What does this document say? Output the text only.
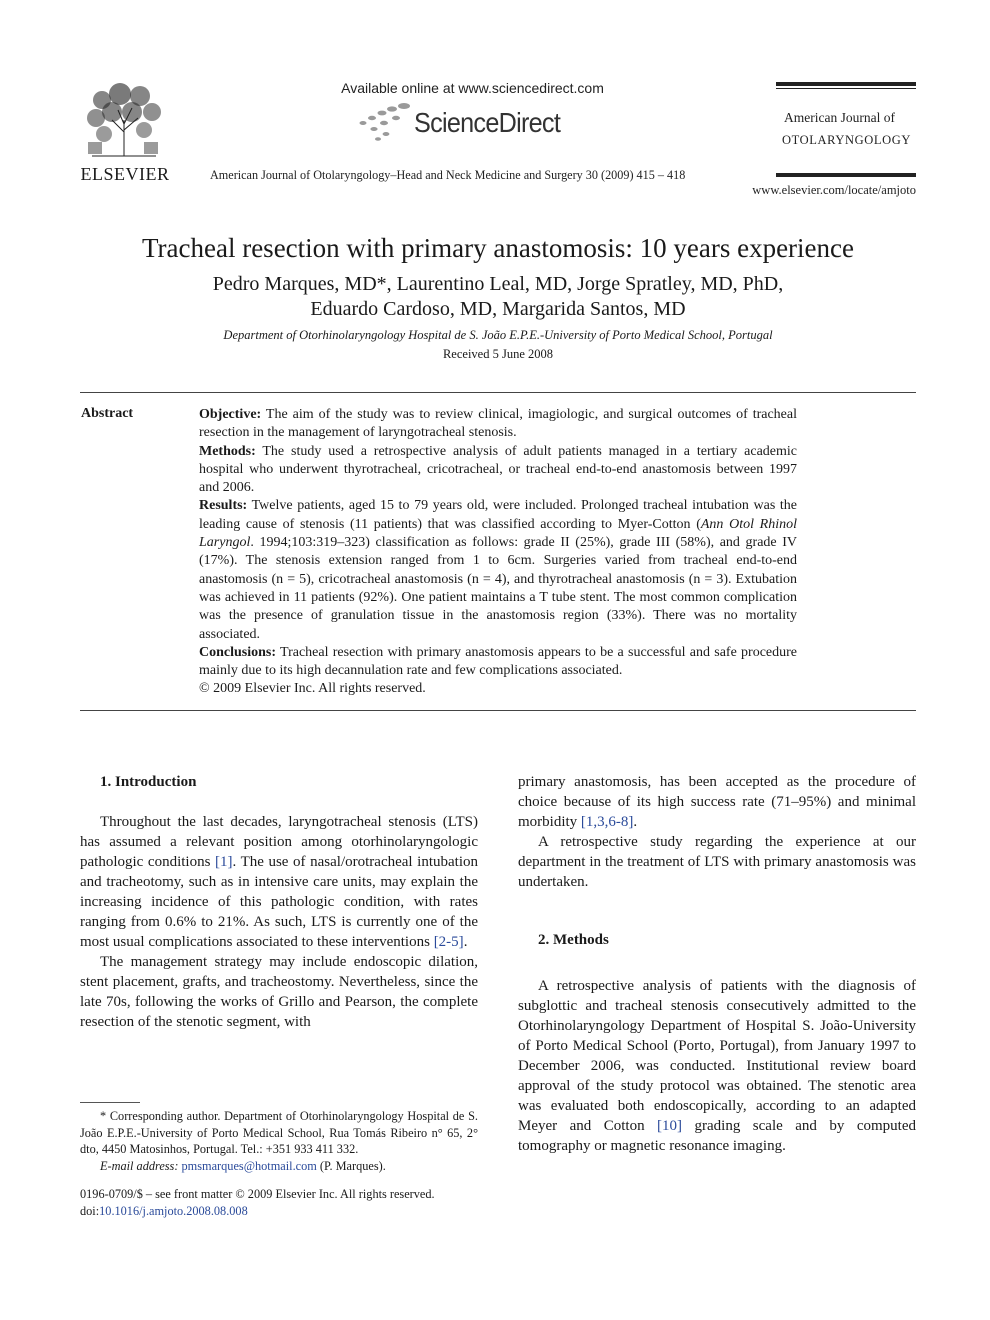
ELSEVIER
Available online at www.sciencedirect.com
ScienceDirect
American Journal of Otolaryngology–Head and Neck Medicine and Surgery 30 (2009) 415 – 418
American Journal of
OTOLARYNGOLOGY
www.elsevier.com/locate/amjoto
Tracheal resection with primary anastomosis: 10 years experience
Pedro Marques, MD*, Laurentino Leal, MD, Jorge Spratley, MD, PhD,
Eduardo Cardoso, MD, Margarida Santos, MD
Department of Otorhinolaryngology Hospital de S. João E.P.E.-University of Porto Medical School, Portugal
Received 5 June 2008
Abstract	Objective: The aim of the study was to review clinical, imagiologic, and surgical outcomes of tracheal resection in the management of laryngotracheal stenosis.

Methods: The study used a retrospective analysis of adult patients managed in a tertiary academic hospital who underwent thyrotracheal, cricotracheal, or tracheal end-to-end anastomosis between 1997 and 2006.

Results: Twelve patients, aged 15 to 79 years old, were included. Prolonged tracheal intubation was the leading cause of stenosis (11 patients) that was classified according to Myer-Cotton (Ann Otol Rhinol Laryngol. 1994;103:319–323) classification as follows: grade II (25%), grade III (58%), and grade IV (17%). The stenosis extension ranged from 1 to 6cm. Surgeries varied from tracheal end-to-end anastomosis (n = 5), cricotracheal anastomosis (n = 4), and thyrotracheal anastomosis (n = 3). Extubation was achieved in 11 patients (92%). One patient maintains a T tube stent. The most common complication was the presence of granulation tissue in the anastomosis region (33%). There was no mortality associated.

Conclusions: Tracheal resection with primary anastomosis appears to be a successful and safe procedure mainly due to its high decannulation rate and few complications associated.

© 2009 Elsevier Inc. All rights reserved.

1. Introduction

Throughout the last decades, laryngotracheal stenosis (LTS) has assumed a relevant position among otorhinolaryngologic pathologic conditions [1]. The use of nasal/orotracheal intubation and tracheotomy, such as in intensive care units, may explain the increasing incidence of this pathologic condition, with rates ranging from 0.6% to 21%. As such, LTS is currently one of the most usual complications associated to these interventions [2-5].

The management strategy may include endoscopic dilation, stent placement, grafts, and tracheostomy. Nevertheless, since the late 70s, following the works of Grillo and Pearson, the complete resection of the stenotic segment, with

primary anastomosis, has been accepted as the procedure of choice because of its high success rate (71–95%) and minimal morbidity [1,3,6-8].

A retrospective study regarding the experience at our department in the treatment of LTS with primary anastomosis was undertaken.

2. Methods

A retrospective analysis of patients with the diagnosis of subglottic and tracheal stenosis consecutively admitted to the Otorhinolaryngology Department of Hospital S. João-University of Porto Medical School (Porto, Portugal), from January 1997 to December 2006, was conducted. Institutional review board approval of the study protocol was obtained. The stenotic area was evaluated both endoscopically, according to an adapted Meyer and Cotton [10] grading scale and by computed tomography or magnetic resonance imaging.

* Corresponding author. Department of Otorhinolaryngology Hospital de S. João E.P.E.-University of Porto Medical School, Rua Tomás Ribeiro n° 65, 2° dto, 4450 Matosinhos, Portugal. Tel.: +351 933 411 332.

E-mail address: pmsmarques@hotmail.com (P. Marques).

0196-0709/$ – see front matter © 2009 Elsevier Inc. All rights reserved.
doi:10.1016/j.amjoto.2008.08.008
